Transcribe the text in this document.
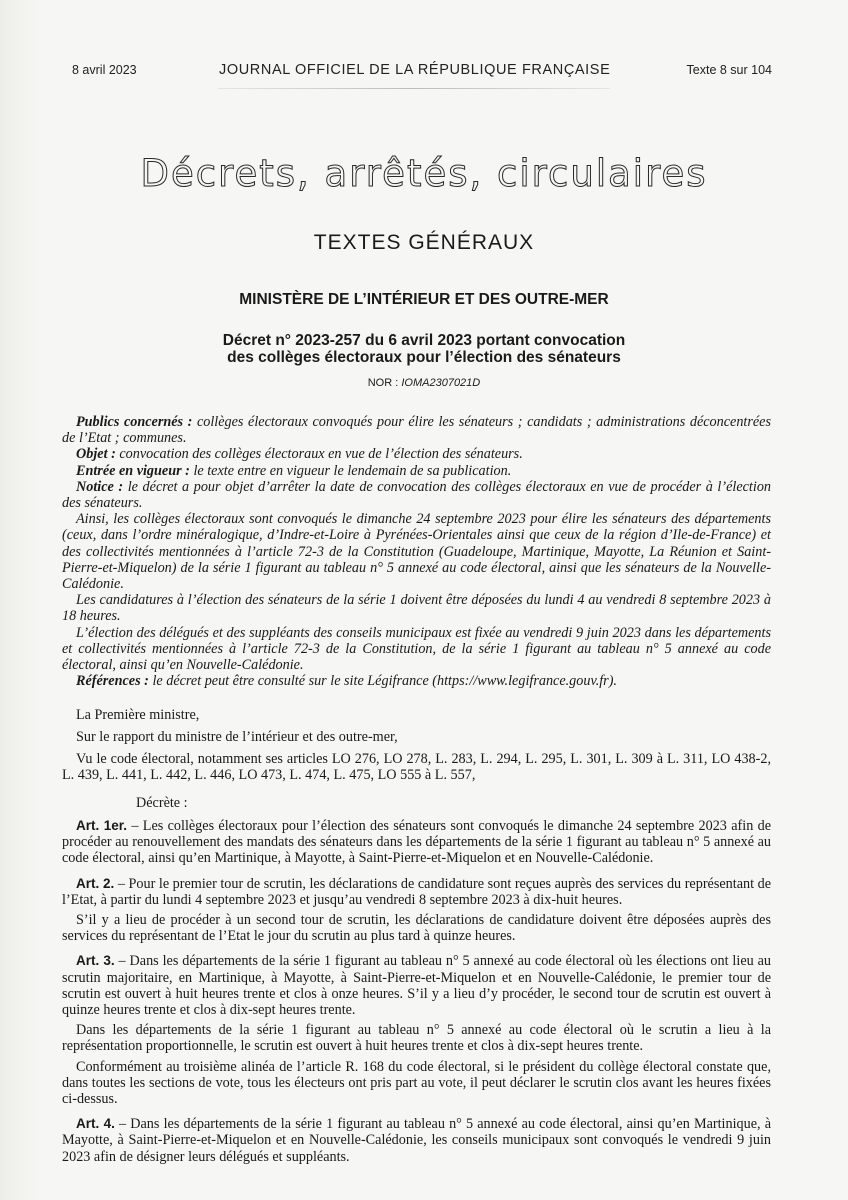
8 avril 2023	JOURNAL OFFICIEL DE LA RÉPUBLIQUE FRANÇAISE	Texte 8 sur 104
Décrets, arrêtés, circulaires
TEXTES GÉNÉRAUX
MINISTÈRE DE L’INTÉRIEUR ET DES OUTRE-MER
Décret n° 2023-257 du 6 avril 2023 portant convocation
des collèges électoraux pour l’élection des sénateurs
NOR : IOMA2307021D

Publics concernés : collèges électoraux convoqués pour élire les sénateurs ; candidats ; administrations déconcentrées de l’Etat ; communes.

Objet : convocation des collèges électoraux en vue de l’élection des sénateurs.

Entrée en vigueur : le texte entre en vigueur le lendemain de sa publication.

Notice : le décret a pour objet d’arrêter la date de convocation des collèges électoraux en vue de procéder à l’élection des sénateurs.

Ainsi, les collèges électoraux sont convoqués le dimanche 24 septembre 2023 pour élire les sénateurs des départements (ceux, dans l’ordre minéralogique, d’Indre-et-Loire à Pyrénées-Orientales ainsi que ceux de la région d’Ile-de-France) et des collectivités mentionnées à l’article 72-3 de la Constitution (Guadeloupe, Martinique, Mayotte, La Réunion et Saint-Pierre-et-Miquelon) de la série 1 figurant au tableau n° 5 annexé au code électoral, ainsi que les sénateurs de la Nouvelle-Calédonie.

Les candidatures à l’élection des sénateurs de la série 1 doivent être déposées du lundi 4 au vendredi 8 septembre 2023 à 18 heures.

L’élection des délégués et des suppléants des conseils municipaux est fixée au vendredi 9 juin 2023 dans les départements et collectivités mentionnées à l’article 72-3 de la Constitution, de la série 1 figurant au tableau n° 5 annexé au code électoral, ainsi qu’en Nouvelle-Calédonie.

Références : le décret peut être consulté sur le site Légifrance (https://www.legifrance.gouv.fr).

La Première ministre,

Sur le rapport du ministre de l’intérieur et des outre-mer,

Vu le code électoral, notamment ses articles LO 276, LO 278, L. 283, L. 294, L. 295, L. 301, L. 309 à L. 311, LO 438-2, L. 439, L. 441, L. 442, L. 446, LO 473, L. 474, L. 475, LO 555 à L. 557,

Décrète :

Art. 1er. – Les collèges électoraux pour l’élection des sénateurs sont convoqués le dimanche 24 septembre 2023 afin de procéder au renouvellement des mandats des sénateurs dans les départements de la série 1 figurant au tableau n° 5 annexé au code électoral, ainsi qu’en Martinique, à Mayotte, à Saint-Pierre-et-Miquelon et en Nouvelle-Calédonie.

Art. 2. – Pour le premier tour de scrutin, les déclarations de candidature sont reçues auprès des services du représentant de l’Etat, à partir du lundi 4 septembre 2023 et jusqu’au vendredi 8 septembre 2023 à dix-huit heures.

S’il y a lieu de procéder à un second tour de scrutin, les déclarations de candidature doivent être déposées auprès des services du représentant de l’Etat le jour du scrutin au plus tard à quinze heures.

Art. 3. – Dans les départements de la série 1 figurant au tableau n° 5 annexé au code électoral où les élections ont lieu au scrutin majoritaire, en Martinique, à Mayotte, à Saint-Pierre-et-Miquelon et en Nouvelle-Calédonie, le premier tour de scrutin est ouvert à huit heures trente et clos à onze heures. S’il y a lieu d’y procéder, le second tour de scrutin est ouvert à quinze heures trente et clos à dix-sept heures trente.

Dans les départements de la série 1 figurant au tableau n° 5 annexé au code électoral où le scrutin a lieu à la représentation proportionnelle, le scrutin est ouvert à huit heures trente et clos à dix-sept heures trente.

Conformément au troisième alinéa de l’article R. 168 du code électoral, si le président du collège électoral constate que, dans toutes les sections de vote, tous les électeurs ont pris part au vote, il peut déclarer le scrutin clos avant les heures fixées ci-dessus.

Art. 4. – Dans les départements de la série 1 figurant au tableau n° 5 annexé au code électoral, ainsi qu’en Martinique, à Mayotte, à Saint-Pierre-et-Miquelon et en Nouvelle-Calédonie, les conseils municipaux sont convoqués le vendredi 9 juin 2023 afin de désigner leurs délégués et suppléants.
